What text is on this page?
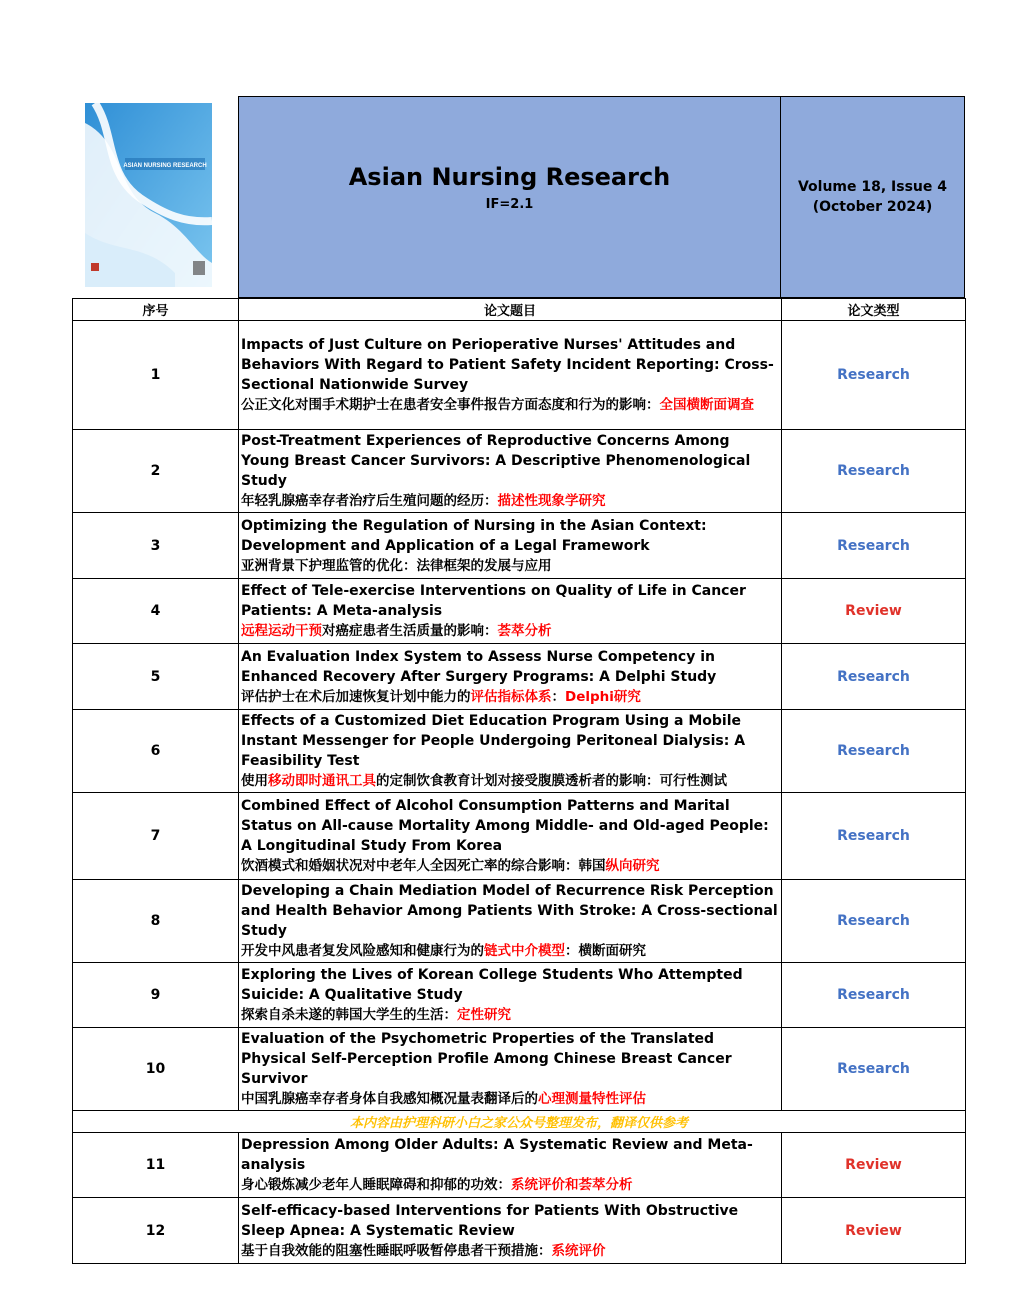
ASIAN NURSING RESEARCH	Asian Nursing Research
IF=2.1
Volume 18, Issue 4
(October 2024)
序号	论文题目	论文类型
1	Impacts of Just Culture on Perioperative Nurses' Attitudes and Behaviors With Regard to Patient Safety Incident Reporting: Cross-Sectional Nationwide Survey
公正文化对围手术期护士在患者安全事件报告方面态度和行为的影响：全国横断面调查	Research
2	Post-Treatment Experiences of Reproductive Concerns Among Young Breast Cancer Survivors: A Descriptive Phenomenological Study
年轻乳腺癌幸存者治疗后生殖问题的经历：描述性现象学研究	Research
3	Optimizing the Regulation of Nursing in the Asian Context: Development and Application of a Legal Framework
亚洲背景下护理监管的优化：法律框架的发展与应用	Research
4	Effect of Tele-exercise Interventions on Quality of Life in Cancer Patients: A Meta-analysis
远程运动干预对癌症患者生活质量的影响：荟萃分析	Review
5	An Evaluation Index System to Assess Nurse Competency in Enhanced Recovery After Surgery Programs: A Delphi Study
评估护士在术后加速恢复计划中能力的评估指标体系：Delphi研究	Research
6	Effects of a Customized Diet Education Program Using a Mobile Instant Messenger for People Undergoing Peritoneal Dialysis: A Feasibility Test
使用移动即时通讯工具的定制饮食教育计划对接受腹膜透析者的影响：可行性测试	Research
7	Combined Effect of Alcohol Consumption Patterns and Marital Status on All-cause Mortality Among Middle- and Old-aged People: A Longitudinal Study From Korea
饮酒模式和婚姻状况对中老年人全因死亡率的综合影响：韩国纵向研究	Research
8	Developing a Chain Mediation Model of Recurrence Risk Perception and Health Behavior Among Patients With Stroke: A Cross-sectional Study
开发中风患者复发风险感知和健康行为的链式中介模型：横断面研究	Research
9	Exploring the Lives of Korean College Students Who Attempted Suicide: A Qualitative Study
探索自杀未遂的韩国大学生的生活：定性研究	Research
10	Evaluation of the Psychometric Properties of the Translated Physical Self-Perception Profile Among Chinese Breast Cancer Survivor
中国乳腺癌幸存者身体自我感知概况量表翻译后的心理测量特性评估	Research
本内容由护理科研小白之家公众号整理发布，翻译仅供参考		
11	Depression Among Older Adults: A Systematic Review and Meta-analysis
身心锻炼减少老年人睡眠障碍和抑郁的功效：系统评价和荟萃分析	Review
12	Self-efficacy-based Interventions for Patients With Obstructive Sleep Apnea: A Systematic Review
基于自我效能的阻塞性睡眠呼吸暂停患者干预措施：系统评价	Review
